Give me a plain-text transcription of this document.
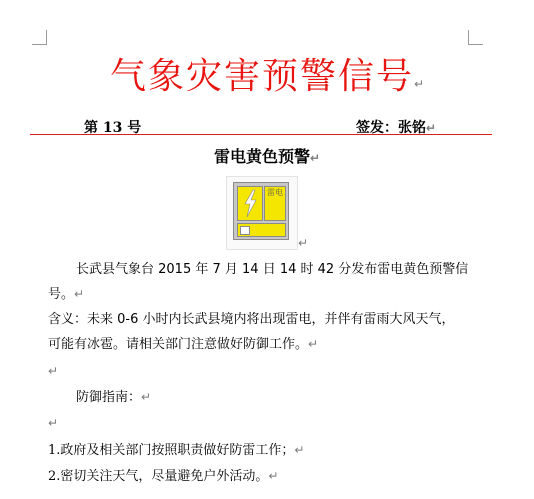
气象灾害预警信号↵
第 13 号	签发：张铭↵
雷电黄色预警↵
雷电
↵
长武县气象台 2015 年 7 月 14 日 14 时 42 分发布雷电黄色预警信
号。↵
含义：未来 0-6 小时内长武县境内将出现雷电，并伴有雷雨大风天气，
可能有冰雹。请相关部门注意做好防御工作。↵
↵
防御指南：↵
↵
1.政府及相关部门按照职责做好防雷工作；↵
2.密切关注天气，尽量避免户外活动。↵
